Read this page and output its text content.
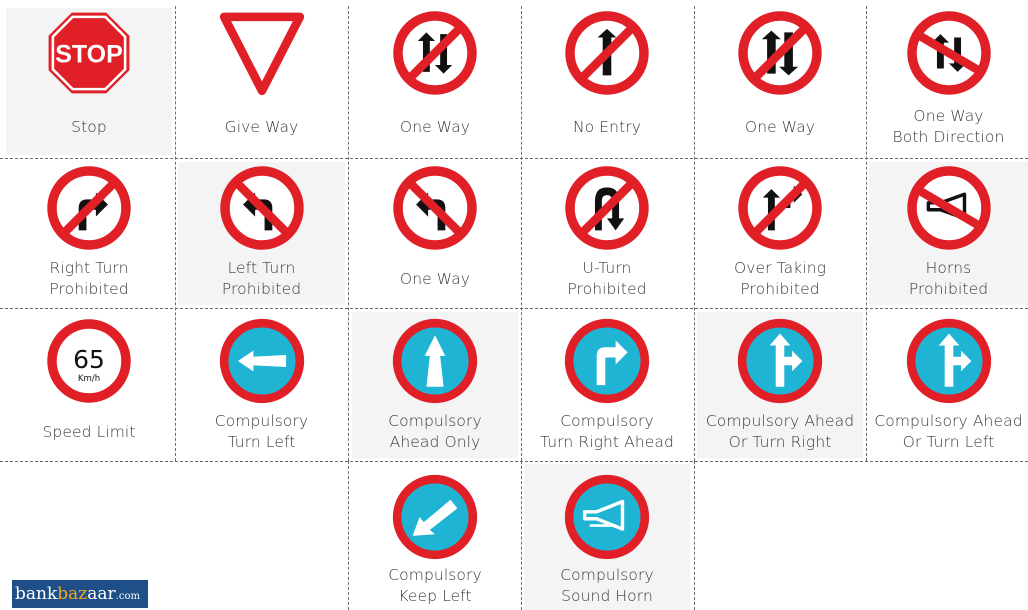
STOP
Stop	Give Way	One Way	No Entry	One Way
One Way
Both Direction
Right Turn
Prohibited
Left Turn
Prohibited
One Way
U-Turn
Prohibited
Over Taking
Prohibited
Horns
Prohibited
65
Km/h
Speed Limit
Compulsory
Turn Left
Compulsory
Ahead Only
Compulsory
Turn Right Ahead
Compulsory Ahead
Or Turn Right
Compulsory Ahead
Or Turn Left
Compulsory
Keep Left
Compulsory
Sound Horn
bankbazaar.com
